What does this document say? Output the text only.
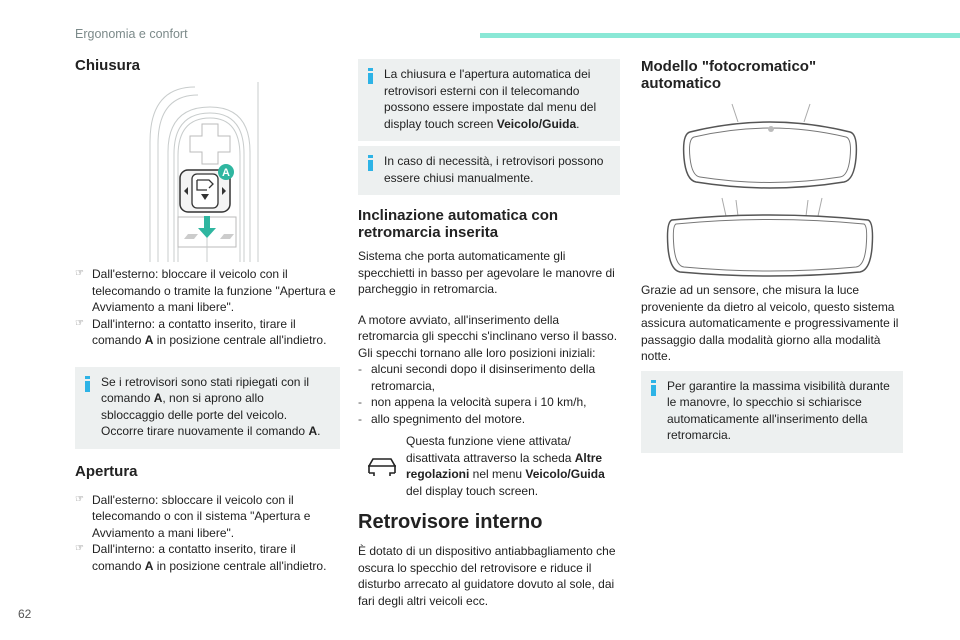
Ergonomia e confort
Chiusura
A
☞ Dall'esterno: bloccare il veicolo con il telecomando o tramite la funzione "Apertura e Avviamento a mani libere".
☞ Dall'interno: a contatto inserito, tirare il comando A in posizione centrale all'indietro.
Se i retrovisori sono stati ripiegati con il comando A, non si aprono allo sbloccaggio delle porte del veicolo. Occorre tirare nuovamente il comando A.
Apertura
☞ Dall'esterno: sbloccare il veicolo con il telecomando o con il sistema "Apertura e Avviamento a mani libere".
☞ Dall'interno: a contatto inserito, tirare il comando A in posizione centrale all'indietro.
La chiusura e l'apertura automatica dei retrovisori esterni con il telecomando possono essere impostate dal menu del display touch screen Veicolo/Guida.
In caso di necessità, i retrovisori possono essere chiusi manualmente.
Inclinazione automatica con retromarcia inserita

Sistema che porta automaticamente gli specchietti in basso per agevolare le manovre di parcheggio in retromarcia.

A motore avviato, all'inserimento della retromarcia gli specchi s'inclinano verso il basso. Gli specchi tornano alle loro posizioni iniziali:

- alcuni secondi dopo il disinserimento della retromarcia,
- non appena la velocità supera i 10 km/h,
- allo spegnimento del motore.
Questa funzione viene attivata/ disattivata attraverso la scheda Altre regolazioni nel menu Veicolo/Guida del display touch screen.
Retrovisore interno

È dotato di un dispositivo antiabbagliamento che oscura lo specchio del retrovisore e riduce il disturbo arrecato al guidatore dovuto al sole, dai fari degli altri veicoli ecc.

Modello "fotocromatico" automatico

Grazie ad un sensore, che misura la luce proveniente da dietro al veicolo, questo sistema assicura automaticamente e progressivamente il passaggio dalla modalità giorno alla modalità notte.

Per garantire la massima visibilità durante le manovre, lo specchio si schiarisce automaticamente all'inserimento della retromarcia.
62
